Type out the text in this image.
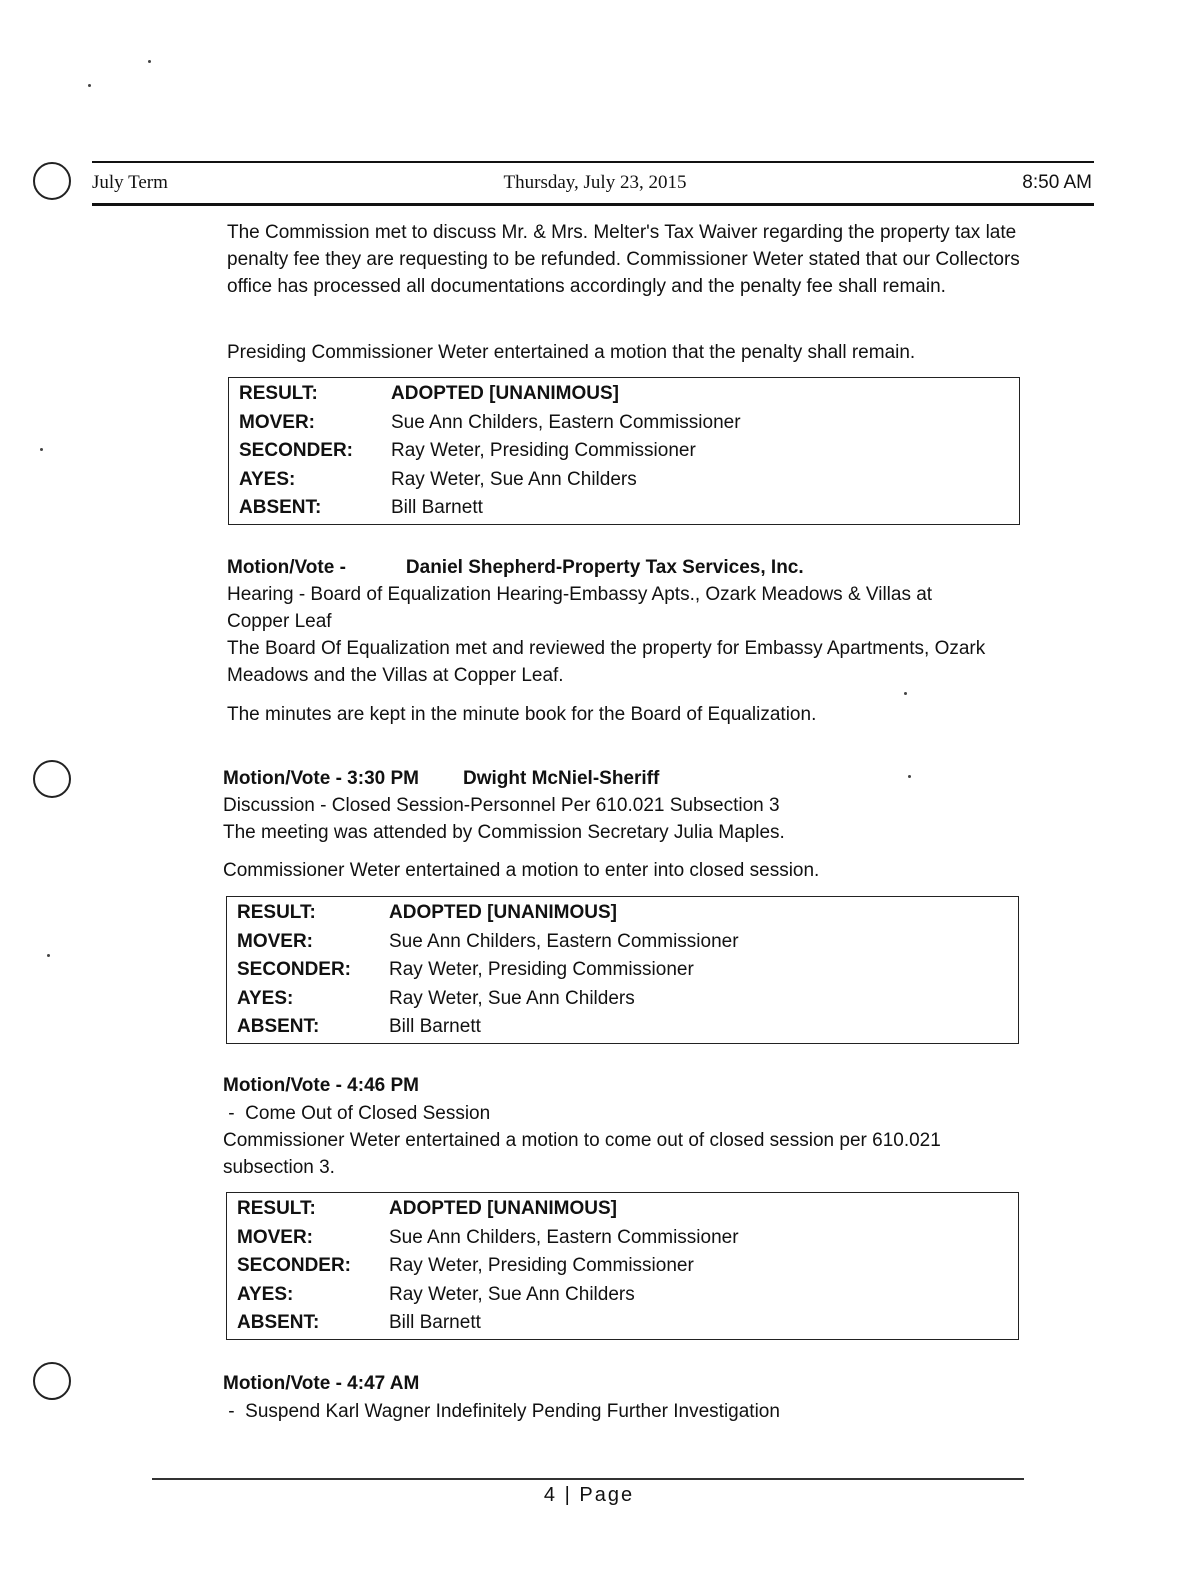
July Term	Thursday, July 23, 2015	8:50 AM
The Commission met to discuss Mr. & Mrs. Melter's Tax Waiver regarding the property tax late penalty fee they are requesting to be refunded. Commissioner Weter stated that our Collectors office has processed all documentations accordingly and the penalty fee shall remain.
Presiding Commissioner Weter entertained a motion that the penalty shall remain.
RESULT:	ADOPTED [UNANIMOUS]
MOVER:	Sue Ann Childers, Eastern Commissioner
SECONDER: Ray Weter, Presiding Commissioner
AYES:	Ray Weter, Sue Ann Childers
ABSENT:	Bill Barnett
Motion/Vote -	Daniel Shepherd-Property Tax Services, Inc.
Hearing - Board of Equalization Hearing-Embassy Apts., Ozark Meadows & Villas at Copper Leaf
The Board Of Equalization met and reviewed the property for Embassy Apartments, Ozark Meadows and the Villas at Copper Leaf.
The minutes are kept in the minute book for the Board of Equalization.
Motion/Vote - 3:30 PM Dwight McNiel-Sheriff
Discussion - Closed Session-Personnel Per 610.021 Subsection 3
The meeting was attended by Commission Secretary Julia Maples.
Commissioner Weter entertained a motion to enter into closed session.
RESULT:	ADOPTED [UNANIMOUS]
MOVER:	Sue Ann Childers, Eastern Commissioner
SECONDER: Ray Weter, Presiding Commissioner
AYES:	Ray Weter, Sue Ann Childers
ABSENT:	Bill Barnett
Motion/Vote - 4:46 PM
-  Come Out of Closed Session
Commissioner Weter entertained a motion to come out of closed session per 610.021 subsection 3.
RESULT:	ADOPTED [UNANIMOUS]
MOVER:	Sue Ann Childers, Eastern Commissioner
SECONDER: Ray Weter, Presiding Commissioner
AYES:	Ray Weter, Sue Ann Childers
ABSENT:	Bill Barnett
Motion/Vote - 4:47 AM
-  Suspend Karl Wagner Indefinitely Pending Further Investigation
4 | Page
